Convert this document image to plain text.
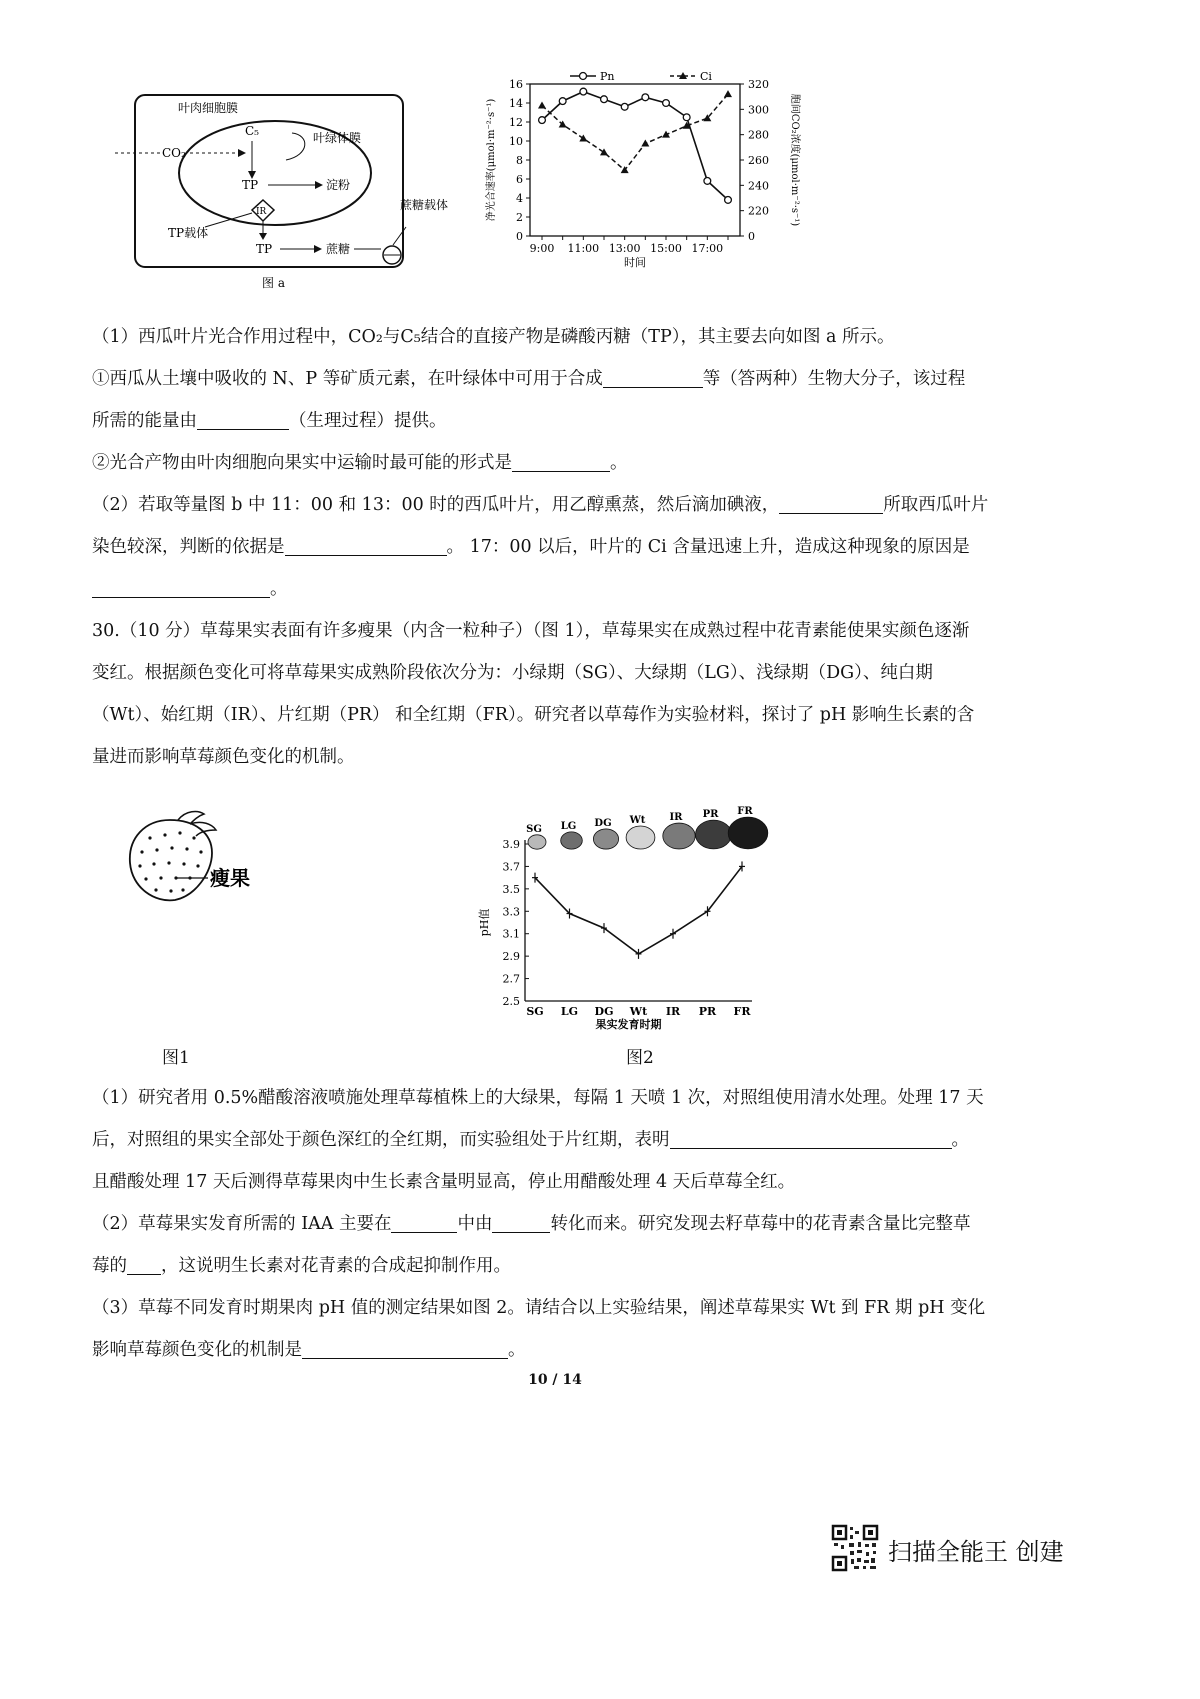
叶肉细胞膜
CO₂
C₅	叶绿体膜
TP	淀粉
IR
TP载体
TP	蔗糖
蔗糖载体
图 a
0
2
4
6
8
10
12
14
16
0
220
240
260
280
300
320
9:00 11:00 13:00 15:00 17:00
时间
净光合速率(μmol·m⁻²·s⁻¹)	胞间CO₂浓度(μmol·m⁻²·s⁻¹)
Pn	Ci
（1）西瓜叶片光合作用过程中，CO₂与C₅结合的直接产物是磷酸丙糖（TP），其主要去向如图 a 所示。
①西瓜从土壤中吸收的 N、P 等矿质元素，在叶绿体中可用于合成	等（答两种）生物大分子，该过程
所需的能量由	（生理过程）提供。
②光合产物由叶肉细胞向果实中运输时最可能的形式是	。
（2）若取等量图 b 中 11：00 和 13：00 时的西瓜叶片，用乙醇熏蒸，然后滴加碘液，	所取西瓜叶片
染色较深，判断的依据是	。 17：00 以后，叶片的 Ci 含量迅速上升，造成这种现象的原因是
。
30.（10 分）草莓果实表面有许多瘦果（内含一粒种子）（图 1），草莓果实在成熟过程中花青素能使果实颜色逐渐
变红。根据颜色变化可将草莓果实成熟阶段依次分为：小绿期（SG）、大绿期（LG）、浅绿期（DG）、纯白期
（Wt）、始红期（IR）、片红期（PR） 和全红期（FR）。研究者以草莓作为实验材料，探讨了 pH 影响生长素的含
量进而影响草莓颜色变化的机制。
瘦果
图1
2.5
2.7
2.9
3.1
3.3
3.5
3.7
3.9
SG LG DG Wt IR PR FR
果实发育时期
pH值
SG LG DG Wt IR PR FR
图2
（1）研究者用 0.5%醋酸溶液喷施处理草莓植株上的大绿果，每隔 1 天喷 1 次，对照组使用清水处理。处理 17 天
后，对照组的果实全部处于颜色深红的全红期，而实验组处于片红期，表明	。
且醋酸处理 17 天后测得草莓果肉中生长素含量明显高，停止用醋酸处理 4 天后草莓全红。
（2）草莓果实发育所需的 IAA 主要在	中由	转化而来。研究发现去籽草莓中的花青素含量比完整草
莓的 ，这说明生长素对花青素的合成起抑制作用。
（3）草莓不同发育时期果肉 pH 值的测定结果如图 2。请结合以上实验结果，阐述草莓果实 Wt 到 FR 期 pH 变化
影响草莓颜色变化的机制是	。
10 / 14
扫描全能王 创建
